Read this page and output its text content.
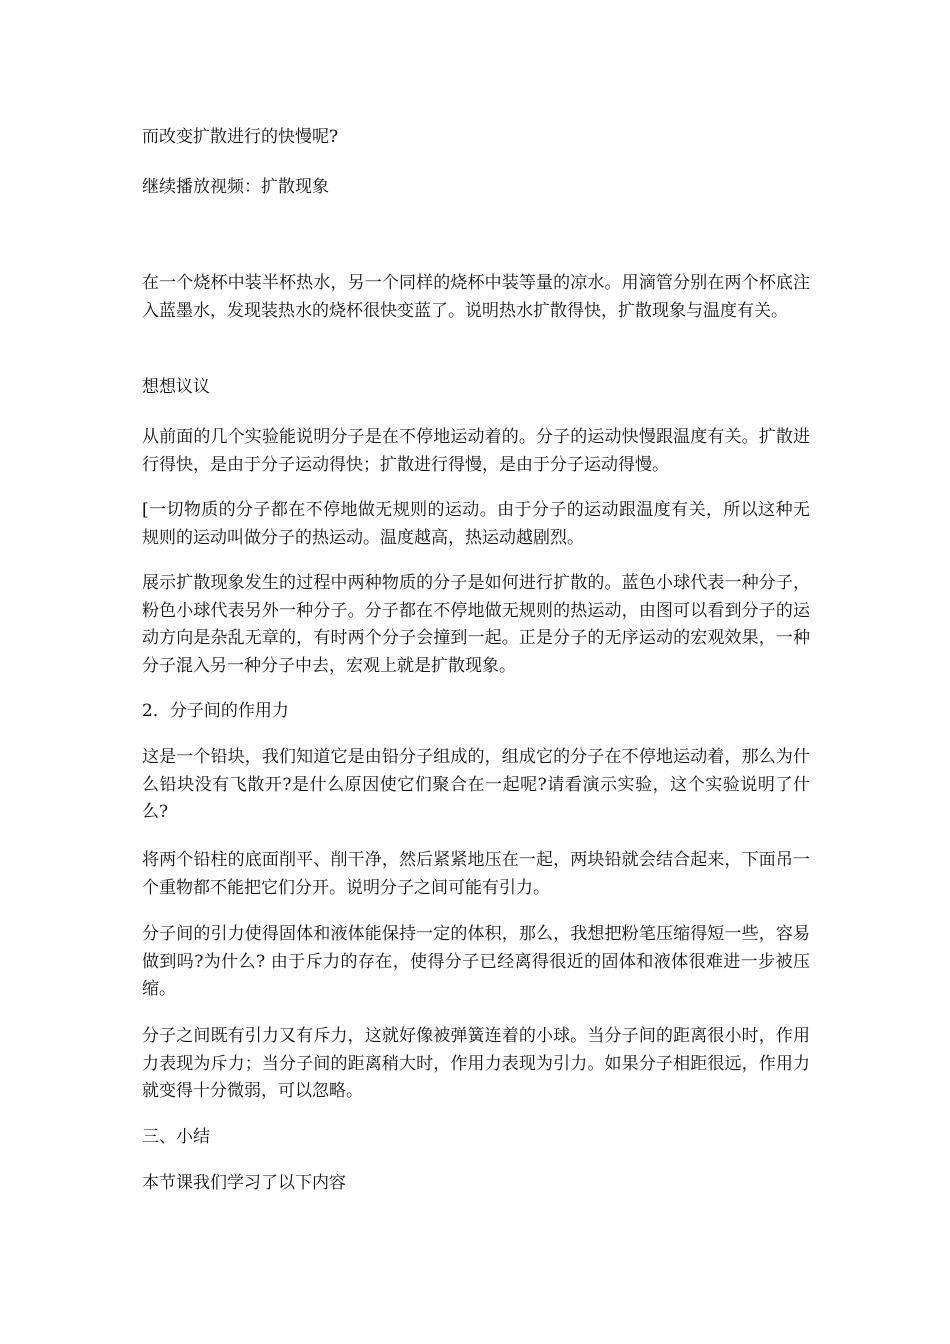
而改变扩散进行的快慢呢?

继续播放视频：扩散现象

在一个烧杯中装半杯热水，另一个同样的烧杯中装等量的凉水。用滴管分别在两个杯底注入蓝墨水，发现装热水的烧杯很快变蓝了。说明热水扩散得快，扩散现象与温度有关。

想想议议

从前面的几个实验能说明分子是在不停地运动着的。分子的运动快慢跟温度有关。扩散进行得快，是由于分子运动得快；扩散进行得慢，是由于分子运动得慢。

[一切物质的分子都在不停地做无规则的运动。由于分子的运动跟温度有关，所以这种无规则的运动叫做分子的热运动。温度越高，热运动越剧烈。

展示扩散现象发生的过程中两种物质的分子是如何进行扩散的。蓝色小球代表一种分子，粉色小球代表另外一种分子。分子都在不停地做无规则的热运动，由图可以看到分子的运动方向是杂乱无章的，有时两个分子会撞到一起。正是分子的无序运动的宏观效果，一种分子混入另一种分子中去，宏观上就是扩散现象。

2．分子间的作用力

这是一个铅块，我们知道它是由铅分子组成的，组成它的分子在不停地运动着，那么为什么铅块没有飞散开?是什么原因使它们聚合在一起呢?请看演示实验，这个实验说明了什么?

将两个铅柱的底面削平、削干净，然后紧紧地压在一起，两块铅就会结合起来，下面吊一个重物都不能把它们分开。说明分子之间可能有引力。

分子间的引力使得固体和液体能保持一定的体积，那么，我想把粉笔压缩得短一些，容易做到吗?为什么? 由于斥力的存在，使得分子已经离得很近的固体和液体很难进一步被压缩。

分子之间既有引力又有斥力，这就好像被弹簧连着的小球。当分子间的距离很小时，作用力表现为斥力；当分子间的距离稍大时，作用力表现为引力。如果分子相距很远，作用力就变得十分微弱，可以忽略。

三、小结

本节课我们学习了以下内容
